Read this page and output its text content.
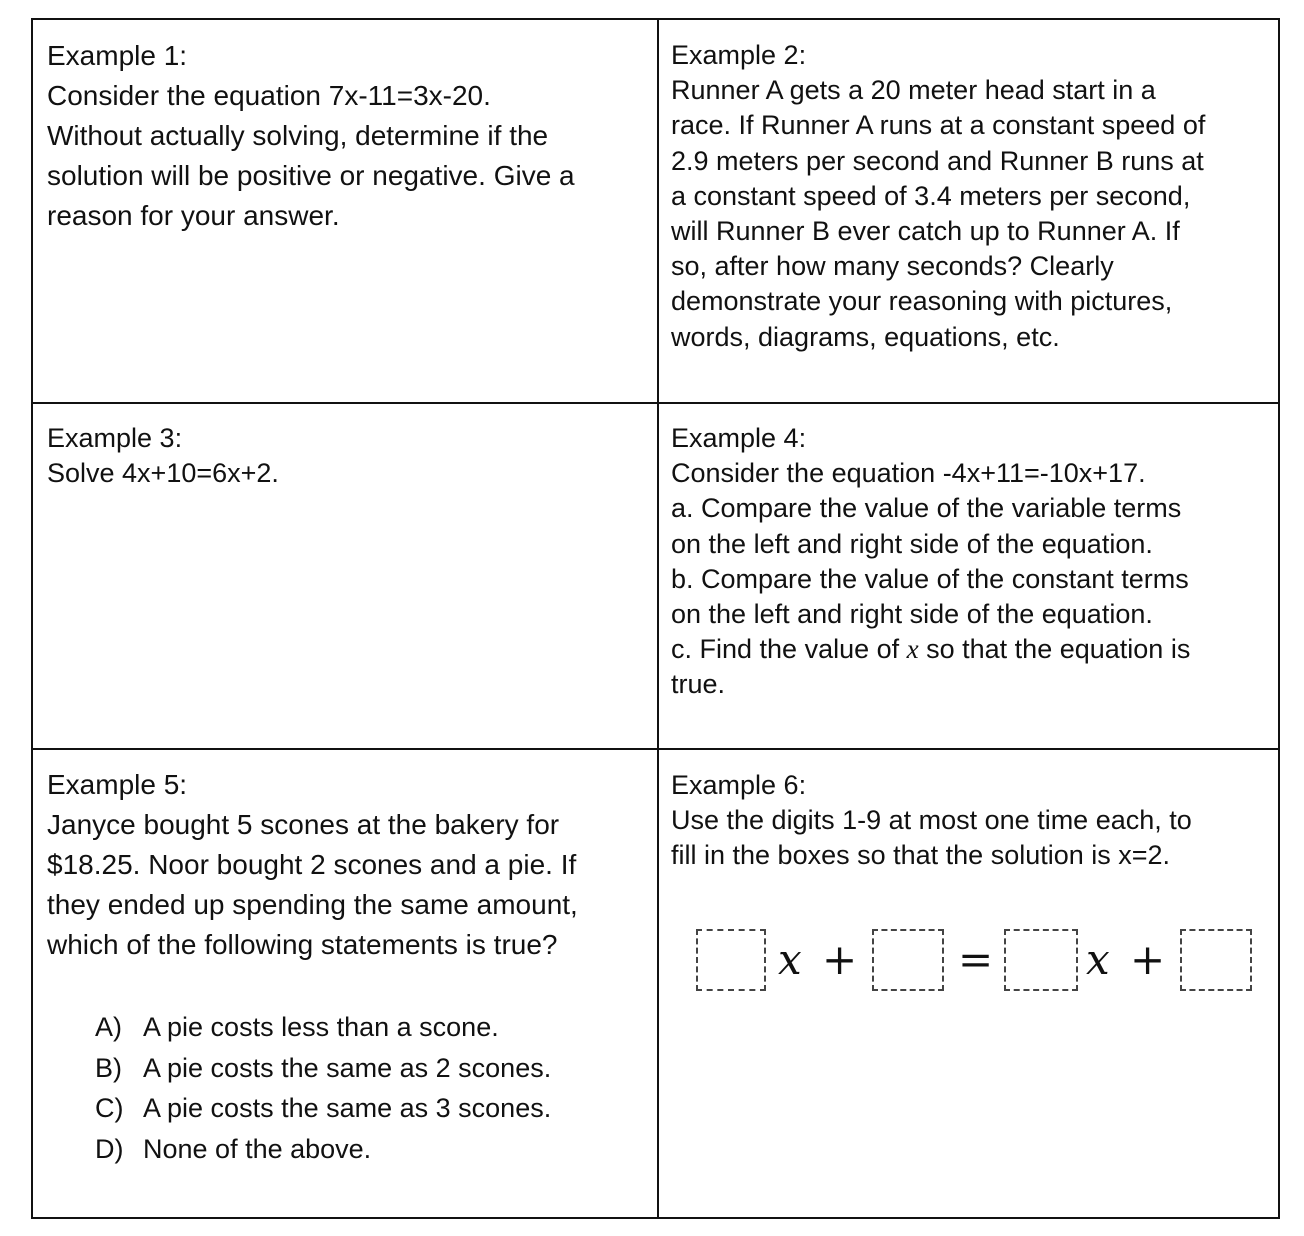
Example 1:
Consider the equation 7x-11=3x-20.
Without actually solving, determine if the
solution will be positive or negative. Give a
reason for your answer.
Example 2:
Runner A gets a 20 meter head start in a
race. If Runner A runs at a constant speed of
2.9 meters per second and Runner B runs at
a constant speed of 3.4 meters per second,
will Runner B ever catch up to Runner A. If
so, after how many seconds? Clearly
demonstrate your reasoning with pictures,
words, diagrams, equations, etc.
Example 3:
Solve 4x+10=6x+2.
Example 4:
Consider the equation -4x+11=-10x+17.
a. Compare the value of the variable terms
on the left and right side of the equation.
b. Compare the value of the constant terms
on the left and right side of the equation.
c. Find the value of x so that the equation is
true.
Example 5:
Janyce bought 5 scones at the bakery for
$18.25. Noor bought 2 scones and a pie. If
they ended up spending the same amount,
which of the following statements is true?
A) A pie costs less than a scone.
B) A pie costs the same as 2 scones.
C) A pie costs the same as 3 scones.
D) None of the above.
Example 6:
Use the digits 1-9 at most one time each, to
fill in the boxes so that the solution is x=2.
x + = x +
